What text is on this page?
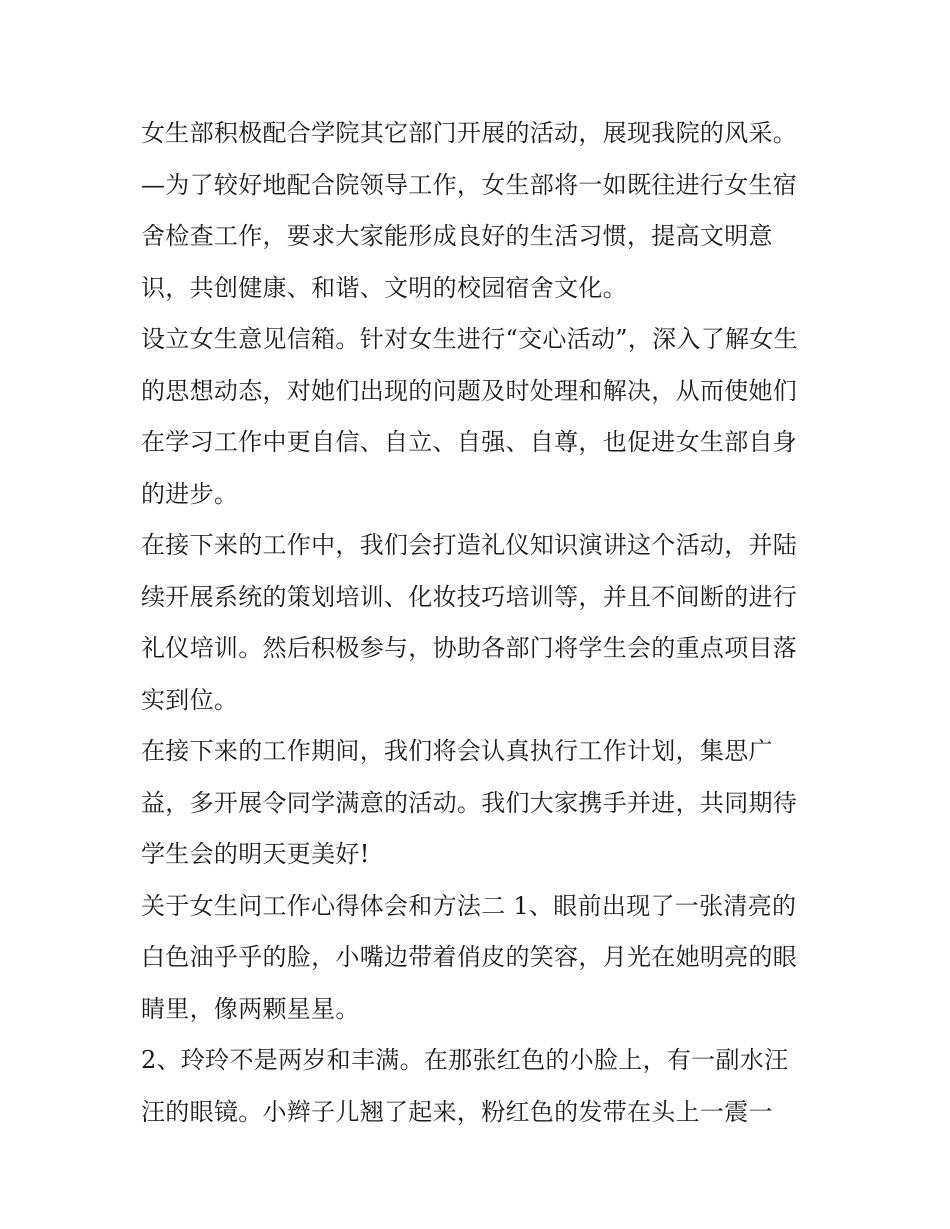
女生部积极配合学院其它部门开展的活动，展现我院的风采。
—为了较好地配合院领导工作，女生部将一如既往进行女生宿
舍检查工作，要求大家能形成良好的生活习惯，提高文明意
识，共创健康、和谐、文明的校园宿舍文化。
设立女生意见信箱。针对女生进行“交心活动”，深入了解女生
的思想动态，对她们出现的问题及时处理和解决，从而使她们
在学习工作中更自信、自立、自强、自尊，也促进女生部自身
的进步。
在接下来的工作中，我们会打造礼仪知识演讲这个活动，并陆
续开展系统的策划培训、化妆技巧培训等，并且不间断的进行
礼仪培训。然后积极参与，协助各部门将学生会的重点项目落
实到位。
在接下来的工作期间，我们将会认真执行工作计划，集思广
益，多开展令同学满意的活动。我们大家携手并进，共同期待
学生会的明天更美好!
关于女生问工作心得体会和方法二 1、眼前出现了一张清亮的
白色油乎乎的脸，小嘴边带着俏皮的笑容，月光在她明亮的眼
睛里，像两颗星星。
2、玲玲不是两岁和丰满。在那张红色的小脸上，有一副水汪
汪的眼镜。小辫子儿翘了起来，粉红色的发带在头上一震一
